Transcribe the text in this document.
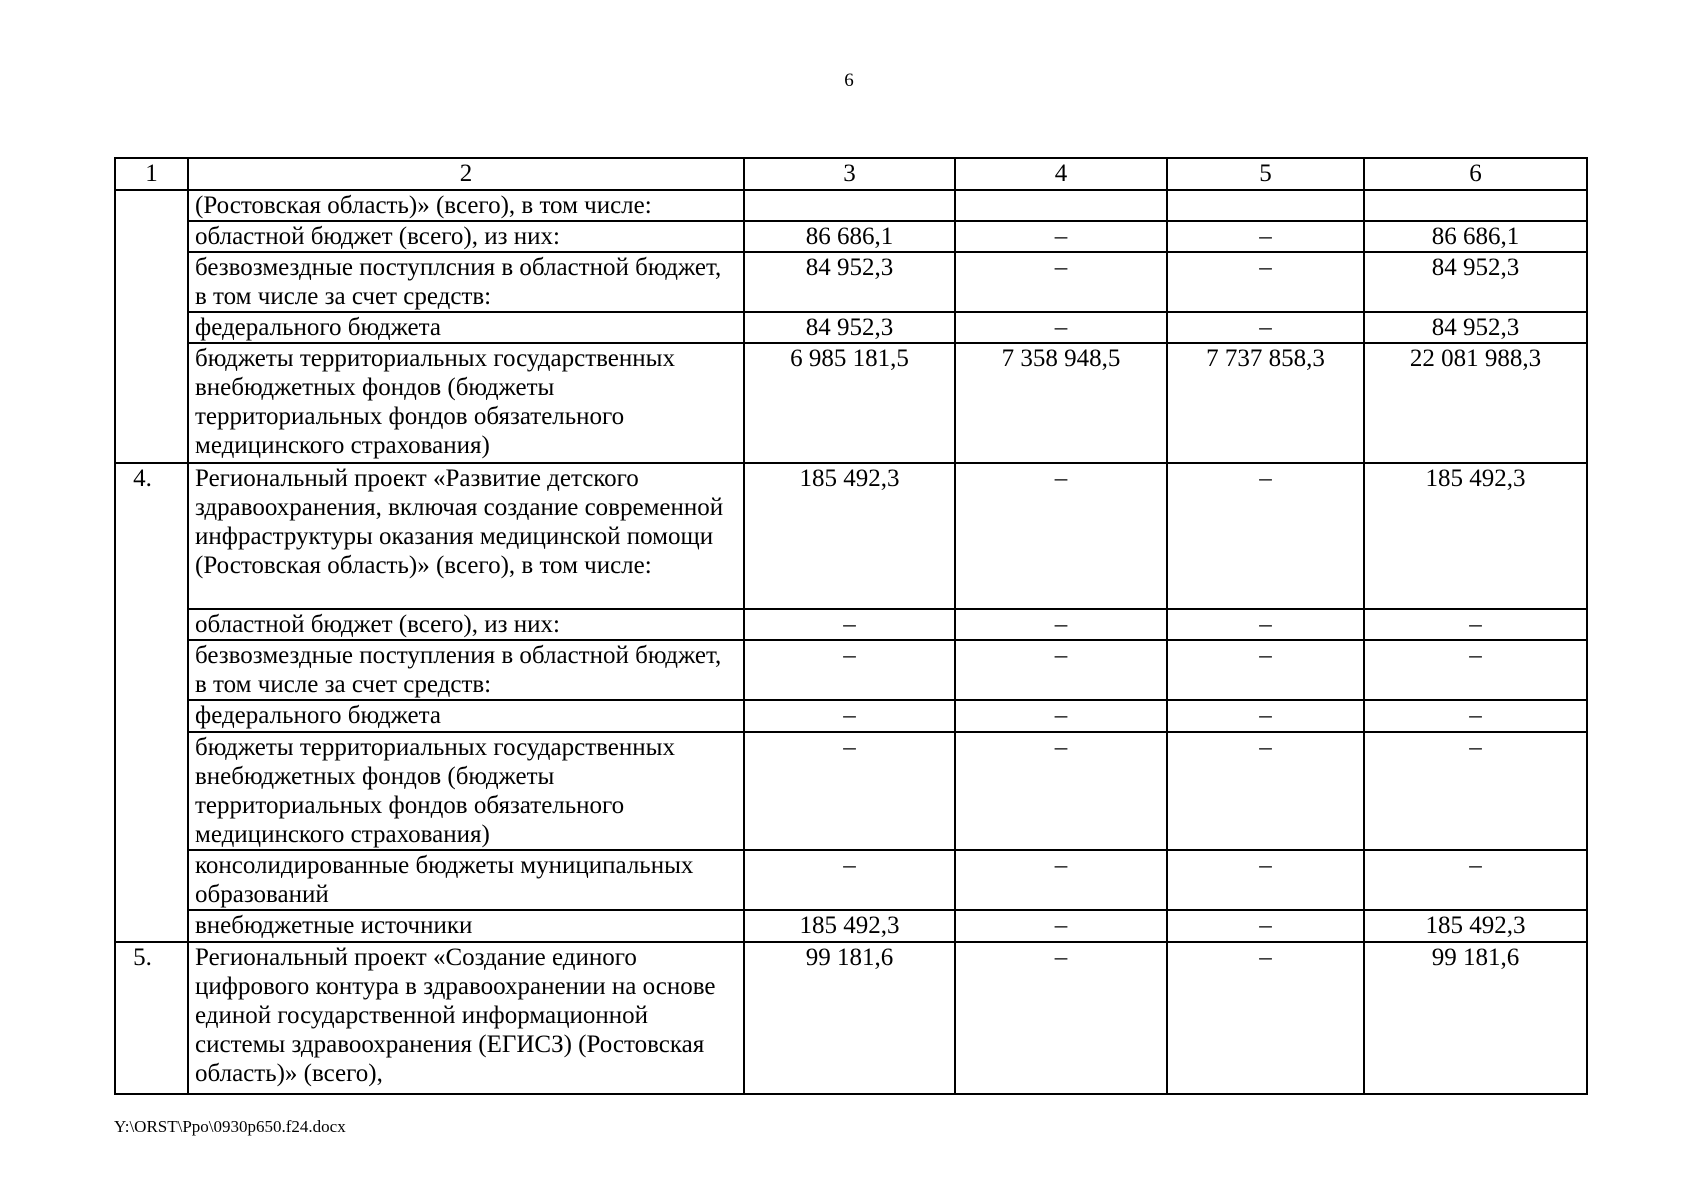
6
1	2	3	4	5	6
	(Ростовская область)» (всего), в том числе:				
	областной бюджет (всего), из них:	86 686,1	–	–	86 686,1
	безвозмездные поступлсния в областной бюджет, в том числе за счет средств:	84 952,3	–	–	84 952,3
	федерального бюджета	84 952,3	–	–	84 952,3
	бюджеты территориальных государственных внебюджетных фондов (бюджеты территориальных фондов обязательного медицинского страхования)	6 985 181,5	7 358 948,5	7 737 858,3	22 081 988,3
4.	Региональный проект «Развитие детского здравоохранения, включая создание современной инфраструктуры оказания медицинской помощи (Ростовская область)» (всего), в том числе:	185 492,3	–	–	185 492,3
	областной бюджет (всего), из них:	–	–	–	–
	безвозмездные поступления в областной бюджет, в том числе за счет средств:	–	–	–	–
	федерального бюджета	–	–	–	–
	бюджеты территориальных государственных внебюджетных фондов (бюджеты территориальных фондов обязательного медицинского страхования)	–	–	–	–
	консолидированные бюджеты муниципальных образований	–	–	–	–
	внебюджетные источники	185 492,3	–	–	185 492,3
5.	Региональный проект «Создание единого цифрового контура в здравоохранении на основе единой государственной информационной системы здравоохранения (ЕГИСЗ) (Ростовская область)» (всего),	99 181,6	–	–	99 181,6
Y:\ORST\Ppo\0930p650.f24.docx
